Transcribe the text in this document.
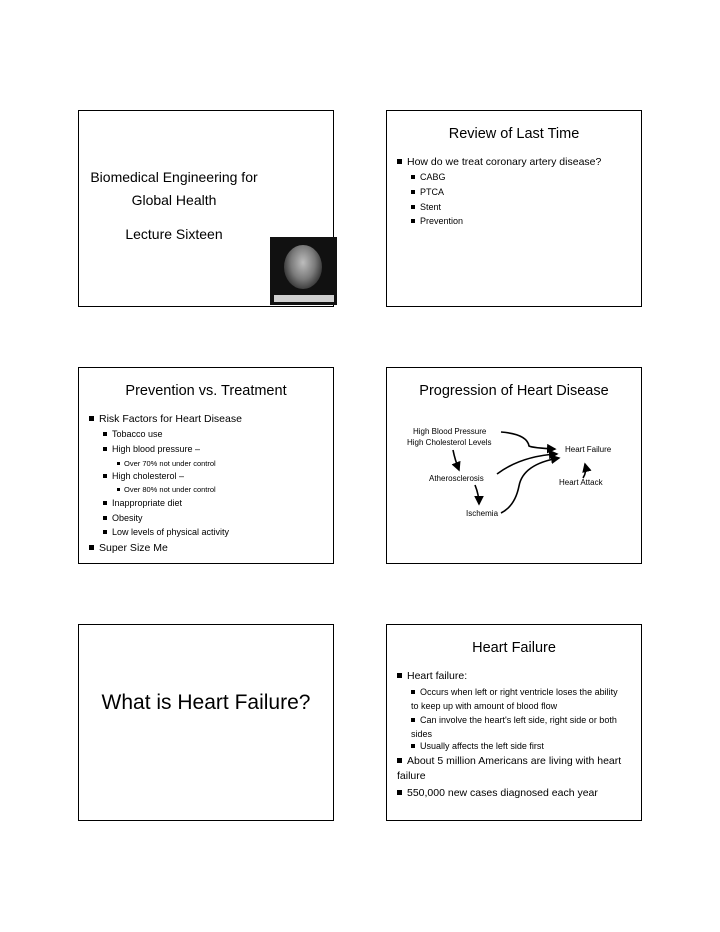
Biomedical Engineering for
Global Health
Lecture Sixteen
Review of Last Time
How do we treat coronary artery disease?
CABG
PTCA
Stent
Prevention
Prevention vs. Treatment
Risk Factors for Heart Disease
Tobacco use
High blood pressure –
Over 70% not under control
High cholesterol –
Over 80% not under control
Inappropriate diet
Obesity
Low levels of physical activity
Super Size Me
Progression of Heart Disease
High Blood Pressure
High Cholesterol Levels
Heart Failure
Atherosclerosis	Heart Attack
Ischemia
What is Heart Failure?
Heart Failure
Heart failure:
Occurs when left or right ventricle loses the ability to keep up with amount of blood flow
Can involve the heart's left side, right side or both sides
Usually affects the left side first
About 5 million Americans are living with heart failure
550,000 new cases diagnosed each year
